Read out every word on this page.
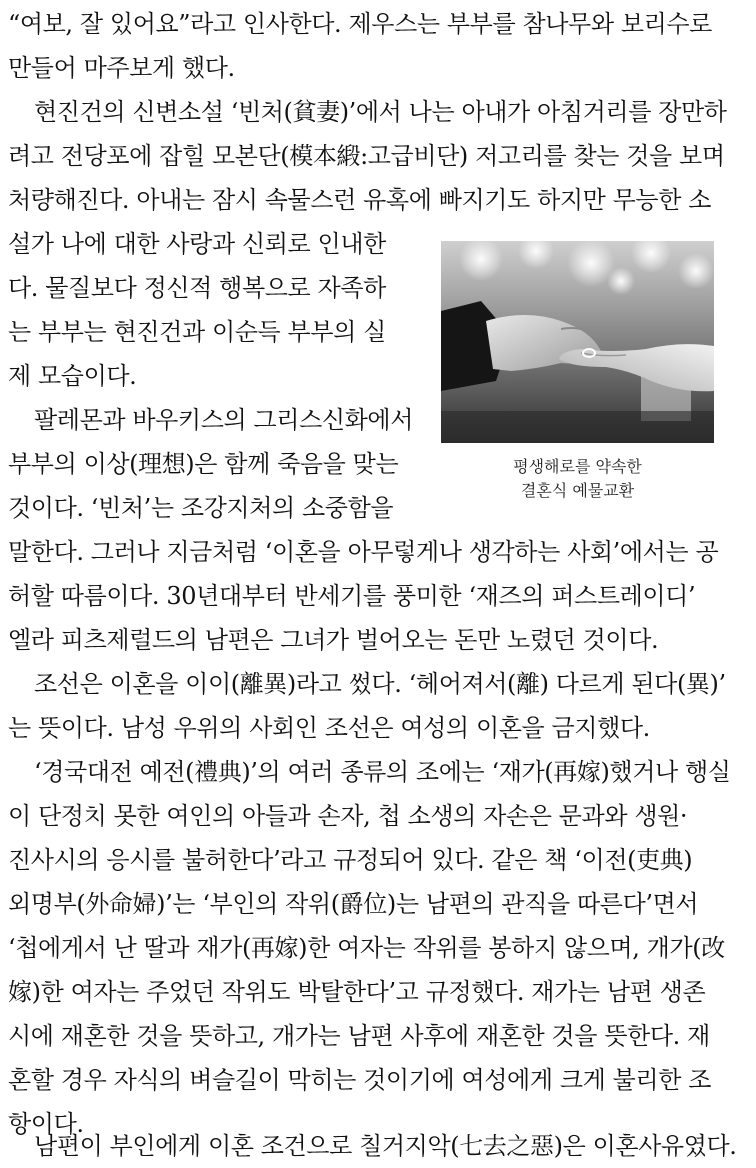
“여보, 잘 있어요”라고 인사한다. 제우스는 부부를 참나무와 보리수로
만들어 마주보게 했다.
현진건의 신변소설 ‘빈처(貧妻)’에서 나는 아내가 아침거리를 장만하
려고 전당포에 잡힐 모본단(模本緞:고급비단) 저고리를 찾는 것을 보며
처량해진다. 아내는 잠시 속물스런 유혹에 빠지기도 하지만 무능한 소
설가 나에 대한 사랑과 신뢰로 인내한
다. 물질보다 정신적 행복으로 자족하
는 부부는 현진건과 이순득 부부의 실
제 모습이다.
팔레몬과 바우키스의 그리스신화에서
부부의 이상(理想)은 함께 죽음을 맞는
것이다. ‘빈처’는 조강지처의 소중함을
말한다. 그러나 지금처럼 ‘이혼을 아무렇게나 생각하는 사회’에서는 공
허할 따름이다. 30년대부터 반세기를 풍미한 ‘재즈의 퍼스트레이디’
엘라 피츠제럴드의 남편은 그녀가 벌어오는 돈만 노렸던 것이다.
조선은 이혼을 이이(離異)라고 썼다. ‘헤어져서(離) 다르게 된다(異)’
는 뜻이다. 남성 우위의 사회인 조선은 여성의 이혼을 금지했다.
‘경국대전 예전(禮典)’의 여러 종류의 조에는 ‘재가(再嫁)했거나 행실
이 단정치 못한 여인의 아들과 손자, 첩 소생의 자손은 문과와 생원·
진사시의 응시를 불허한다’라고 규정되어 있다. 같은 책 ‘이전(吏典)
외명부(外命婦)’는 ‘부인의 작위(爵位)는 남편의 관직을 따른다’면서
‘첩에게서 난 딸과 재가(再嫁)한 여자는 작위를 봉하지 않으며, 개가(改
嫁)한 여자는 주었던 작위도 박탈한다’고 규정했다. 재가는 남편 생존
시에 재혼한 것을 뜻하고, 개가는 남편 사후에 재혼한 것을 뜻한다. 재
혼할 경우 자식의 벼슬길이 막히는 것이기에 여성에게 크게 불리한 조
항이다.
남편이 부인에게 이혼 조건으로 칠거지악(七去之惡)은 이혼사유였다.
평생해로를 약속한
결혼식 예물교환
